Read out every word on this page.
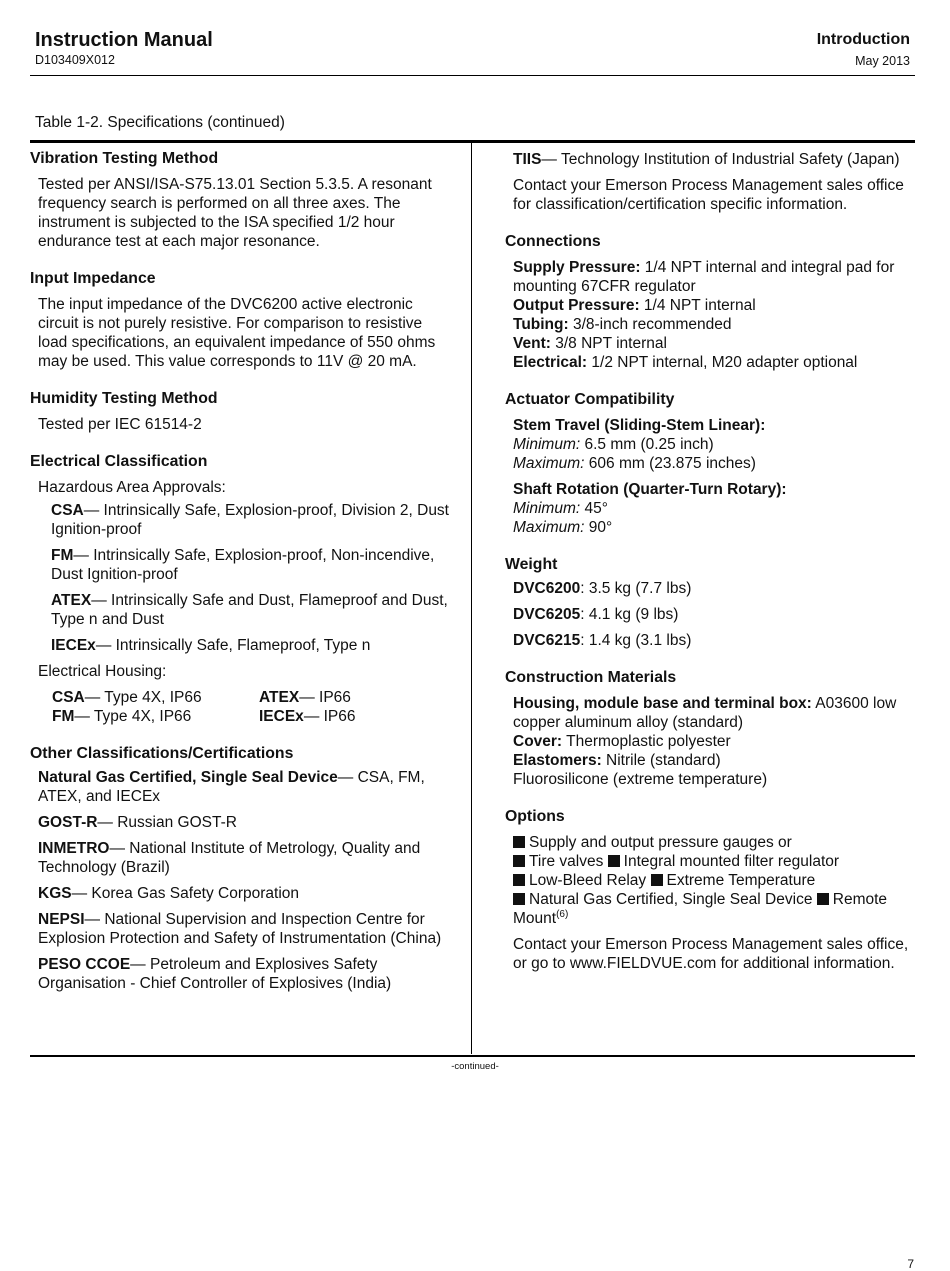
Instruction Manual
D103409X012
Introduction
May 2013
Table 1-2. Specifications (continued)

Vibration Testing Method

Tested per ANSI/ISA-S75.13.01 Section 5.3.5. A resonant frequency search is performed on all three axes. The instrument is subjected to the ISA specified 1/2 hour endurance test at each major resonance.

Input Impedance

The input impedance of the DVC6200 active electronic circuit is not purely resistive. For comparison to resistive load specifications, an equivalent impedance of 550 ohms may be used. This value corresponds to 11V @ 20 mA.

Humidity Testing Method

Tested per IEC 61514-2

Electrical Classification

Hazardous Area Approvals:

CSA— Intrinsically Safe, Explosion-proof, Division 2, Dust Ignition-proof

FM— Intrinsically Safe, Explosion-proof, Non-incendive, Dust Ignition-proof

ATEX— Intrinsically Safe and Dust, Flameproof and Dust, Type n and Dust

IECEx— Intrinsically Safe, Flameproof, Type n

Electrical Housing:

CSA— Type 4X, IP66	ATEX— IP66
FM— Type 4X, IP66	IECEx— IP66

Other Classifications/Certifications

Natural Gas Certified, Single Seal Device— CSA, FM, ATEX, and IECEx

GOST-R— Russian GOST-R

INMETRO— National Institute of Metrology, Quality and Technology (Brazil)

KGS— Korea Gas Safety Corporation

NEPSI— National Supervision and Inspection Centre for Explosion Protection and Safety of Instrumentation (China)

PESO CCOE— Petroleum and Explosives Safety Organisation - Chief Controller of Explosives (India)

TIIS— Technology Institution of Industrial Safety (Japan)

Contact your Emerson Process Management sales office for classification/certification specific information.

Connections

Supply Pressure: 1/4 NPT internal and integral pad for mounting 67CFR regulator

Output Pressure: 1/4 NPT internal

Tubing: 3/8-inch recommended

Vent: 3/8 NPT internal

Electrical: 1/2 NPT internal, M20 adapter optional

Actuator Compatibility

Stem Travel (Sliding-Stem Linear):

Minimum: 6.5 mm (0.25 inch)

Maximum: 606 mm (23.875 inches)

Shaft Rotation (Quarter-Turn Rotary):

Minimum: 45°

Maximum: 90°

Weight

DVC6200: 3.5 kg (7.7 lbs)

DVC6205: 4.1 kg (9 lbs)

DVC6215: 1.4 kg (3.1 lbs)

Construction Materials

Housing, module base and terminal box: A03600 low copper aluminum alloy (standard)

Cover: Thermoplastic polyester

Elastomers: Nitrile (standard)

Fluorosilicone (extreme temperature)

Options

Supply and output pressure gauges or

Tire valves Integral mounted filter regulator

Low-Bleed Relay Extreme Temperature

Natural Gas Certified, Single Seal Device Remote Mount$^{(6)}$

Contact your Emerson Process Management sales office, or go to www.FIELDVUE.com for additional information.

-continued-
7
